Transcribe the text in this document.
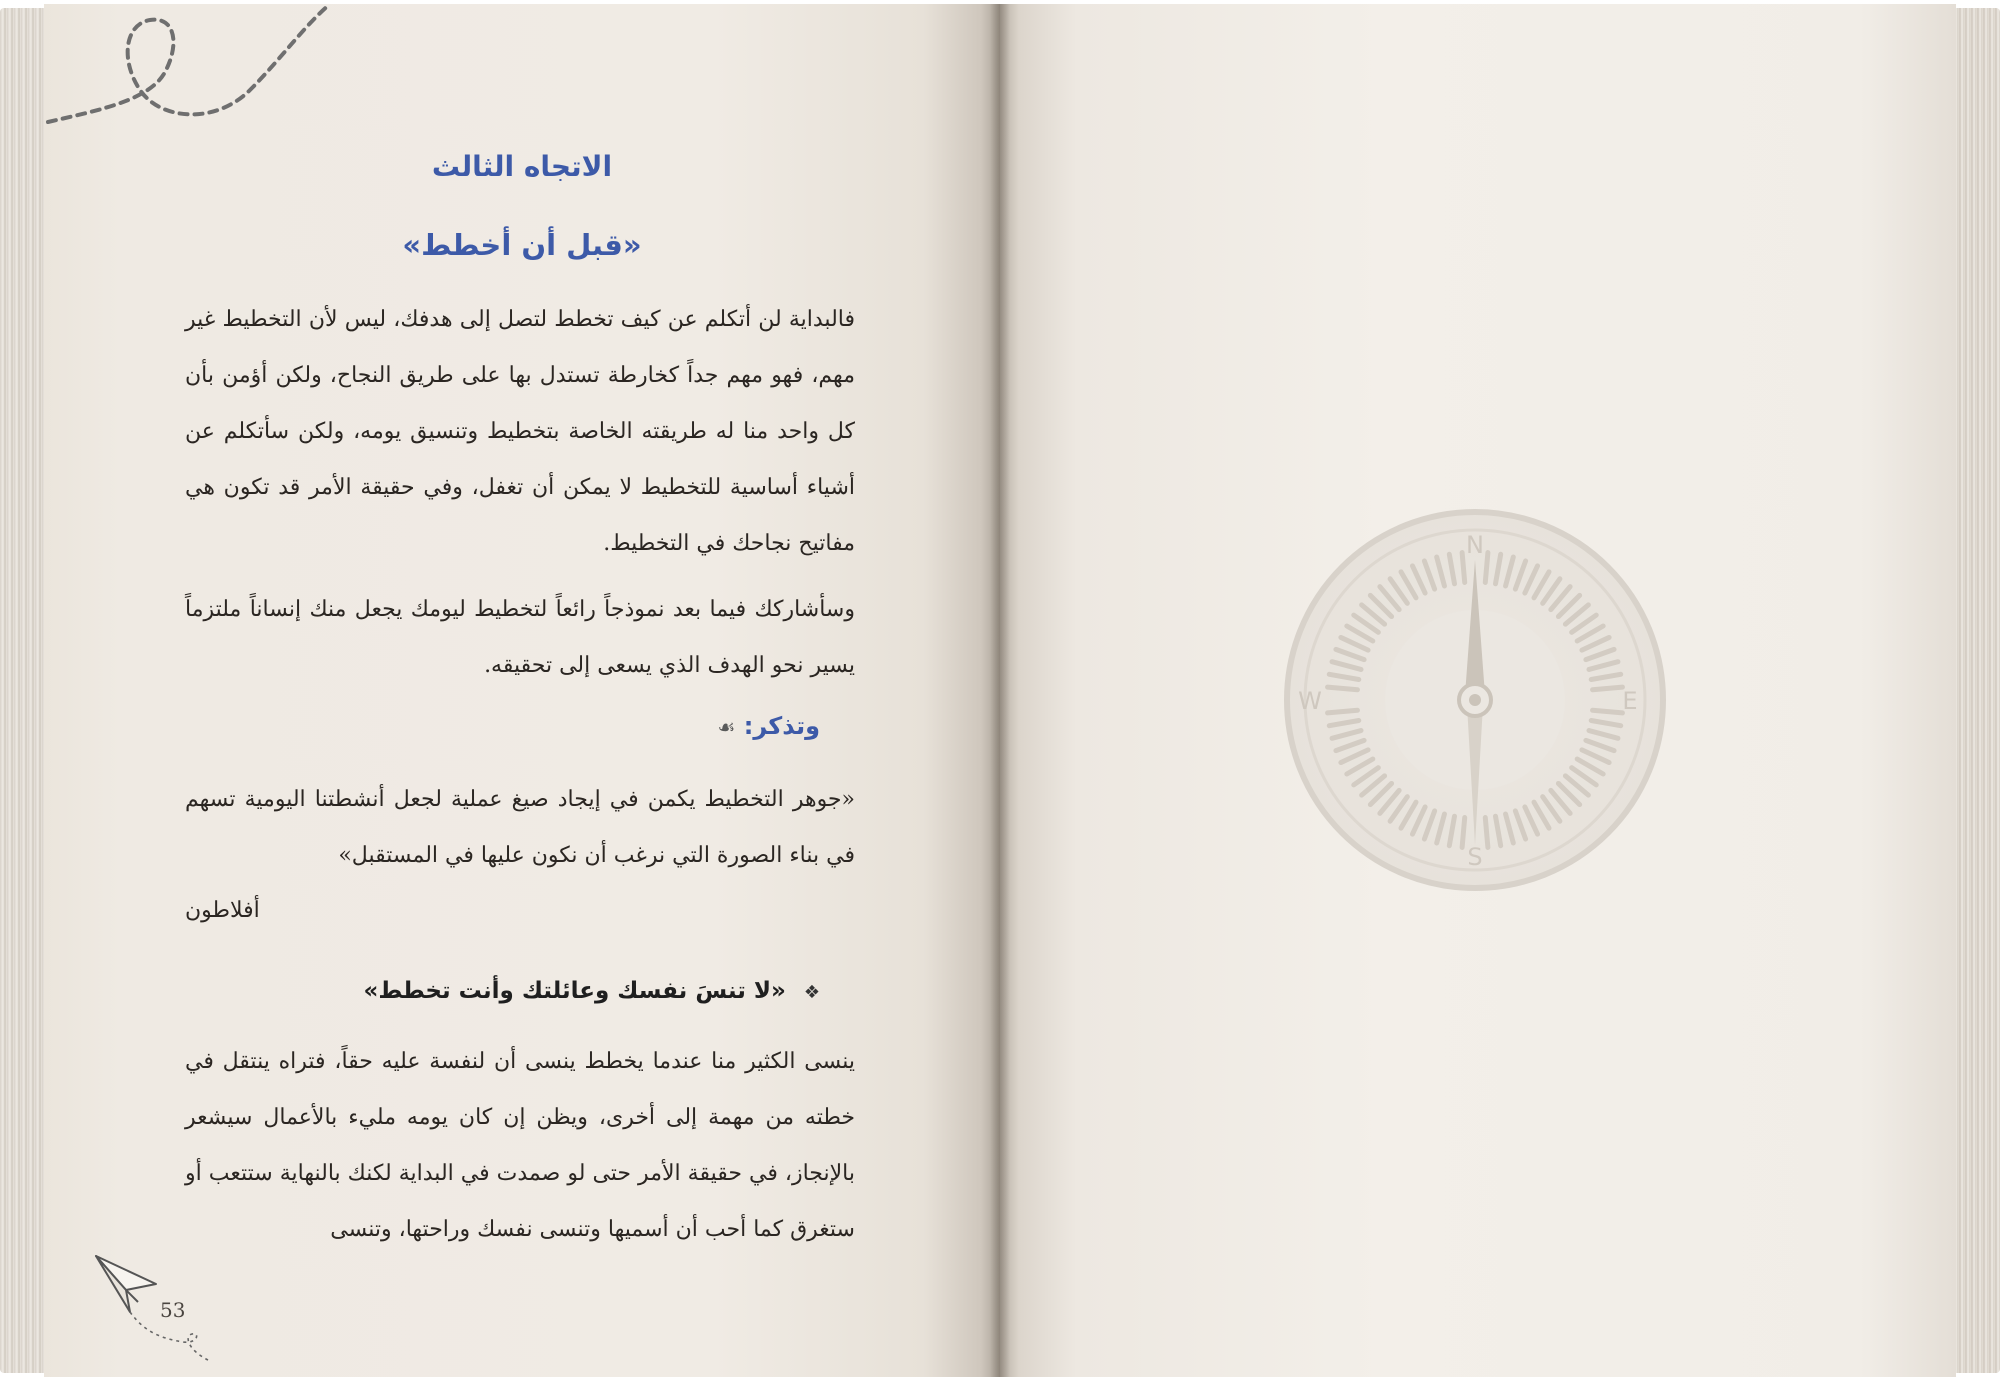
الاتجاه الثالث
«قبل أن أخطط»
فالبداية لن أتكلم عن كيف تخطط لتصل إلى هدفك، ليس لأن التخطيط غير مهم، فهو مهم جداً كخارطة تستدل بها على طريق النجاح، ولكن أؤمن بأن كل واحد منا له طريقته الخاصة بتخطيط وتنسيق يومه، ولكن سأتكلم عن أشياء أساسية للتخطيط لا يمكن أن تغفل، وفي حقيقة الأمر قد تكون هي مفاتيح نجاحك في التخطيط.
وسأشاركك فيما بعد نموذجاً رائعاً لتخطيط ليومك يجعل منك إنساناً ملتزماً يسير نحو الهدف الذي يسعى إلى تحقيقه.
وتذكر: ☙
«جوهر التخطيط يكمن في إيجاد صيغ عملية لجعل أنشطتنا اليومية تسهم في بناء الصورة التي نرغب أن نكون عليها في المستقبل»
أفلاطون
❖ «لا تنسَ نفسك وعائلتك وأنت تخطط»
ينسى الكثير منا عندما يخطط ينسى أن لنفسة عليه حقاً، فتراه ينتقل في خطته من مهمة إلى أخرى، ويظن إن كان يومه مليء بالأعمال سيشعر بالإنجاز، في حقيقة الأمر حتى لو صمدت في البداية لكنك بالنهاية ستتعب أو ستغرق كما أحب أن أسميها وتنسى نفسك وراحتها، وتنسى
53
N
S
E
W
